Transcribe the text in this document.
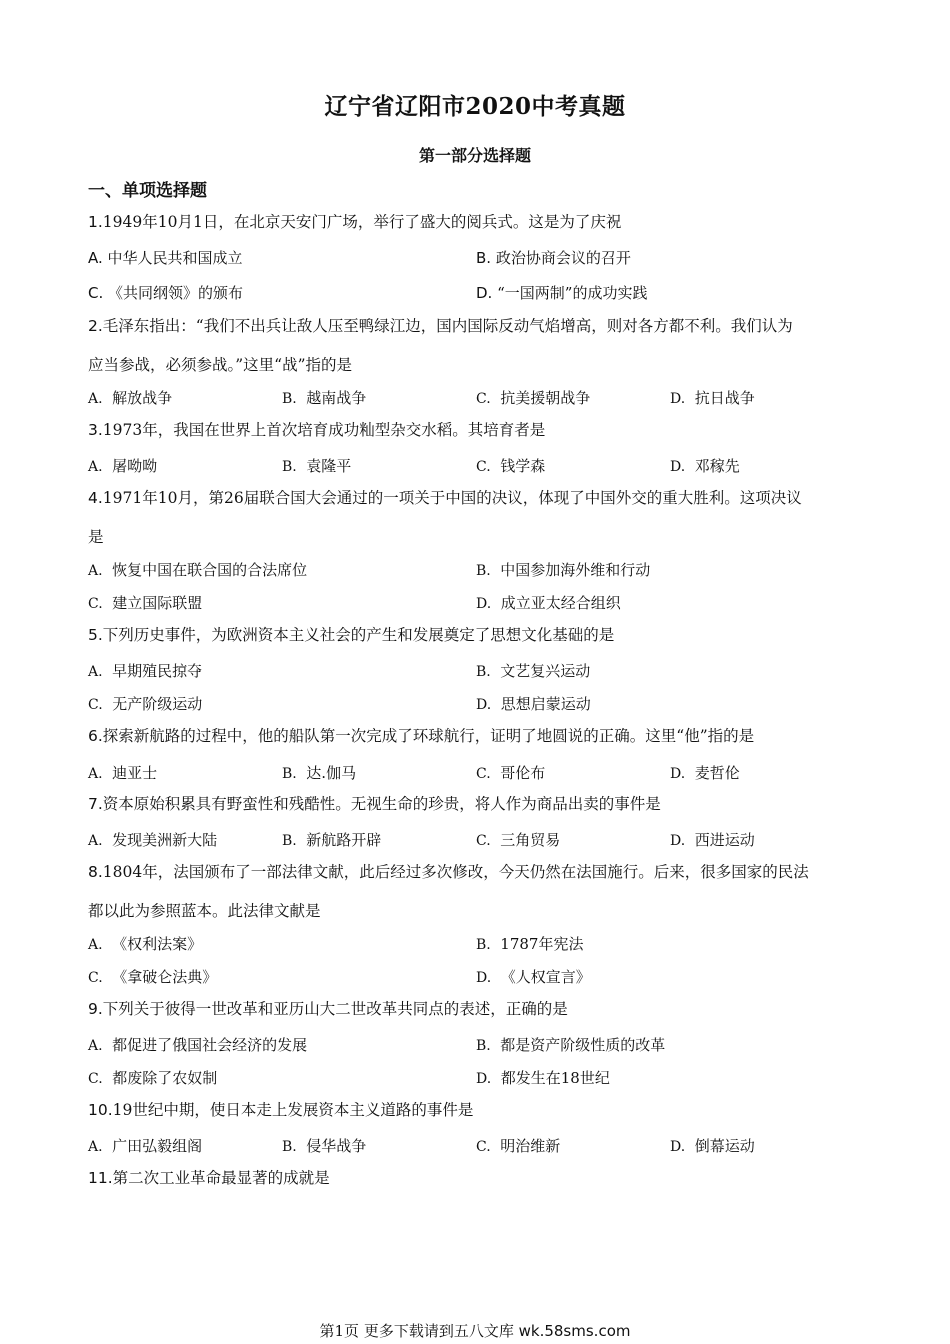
辽宁省辽阳市2020中考真题
第一部分选择题
一、单项选择题
1.1949年10月1日，在北京天安门广场，举行了盛大的阅兵式。这是为了庆祝
A. 中华人民共和国成立	B. 政治协商会议的召开
C. 《共同纲领》的颁布	D. “一国两制”的成功实践
2.毛泽东指出：“我们不出兵让敌人压至鸭绿江边，国内国际反动气焰增高，则对各方都不利。我们认为
应当参战，必须参战。”这里“战”指的是
A. 解放战争	B. 越南战争	C. 抗美援朝战争	D. 抗日战争
3.1973年，我国在世界上首次培育成功籼型杂交水稻。其培育者是
A. 屠呦呦	B. 袁隆平	C. 钱学森	D. 邓稼先
4.1971年10月，第26届联合国大会通过的一项关于中国的决议，体现了中国外交的重大胜利。这项决议
是
A. 恢复中国在联合国的合法席位	B. 中国参加海外维和行动
C. 建立国际联盟	D. 成立亚太经合组织
5.下列历史事件，为欧洲资本主义社会的产生和发展奠定了思想文化基础的是
A. 早期殖民掠夺	B. 文艺复兴运动
C. 无产阶级运动	D. 思想启蒙运动
6.探索新航路的过程中，他的船队第一次完成了环球航行，证明了地圆说的正确。这里“他”指的是
A. 迪亚士	B. 达.伽马	C. 哥伦布	D. 麦哲伦
7.资本原始积累具有野蛮性和残酷性。无视生命的珍贵，将人作为商品出卖的事件是
A. 发现美洲新大陆	B. 新航路开辟	C. 三角贸易	D. 西进运动
8.1804年，法国颁布了一部法律文献，此后经过多次修改，今天仍然在法国施行。后来，很多国家的民法
都以此为参照蓝本。此法律文献是
A. 《权利法案》	B. 1787年宪法
C. 《拿破仑法典》	D. 《人权宣言》
9.下列关于彼得一世改革和亚历山大二世改革共同点的表述，正确的是
A. 都促进了俄国社会经济的发展	B. 都是资产阶级性质的改革
C. 都废除了农奴制	D. 都发生在18世纪
10.19世纪中期，使日本走上发展资本主义道路的事件是
A. 广田弘毅组阁	B. 侵华战争	C. 明治维新	D. 倒幕运动
11.第二次工业革命最显著的成就是
第1页 更多下载请到五八文库 wk.58sms.com
